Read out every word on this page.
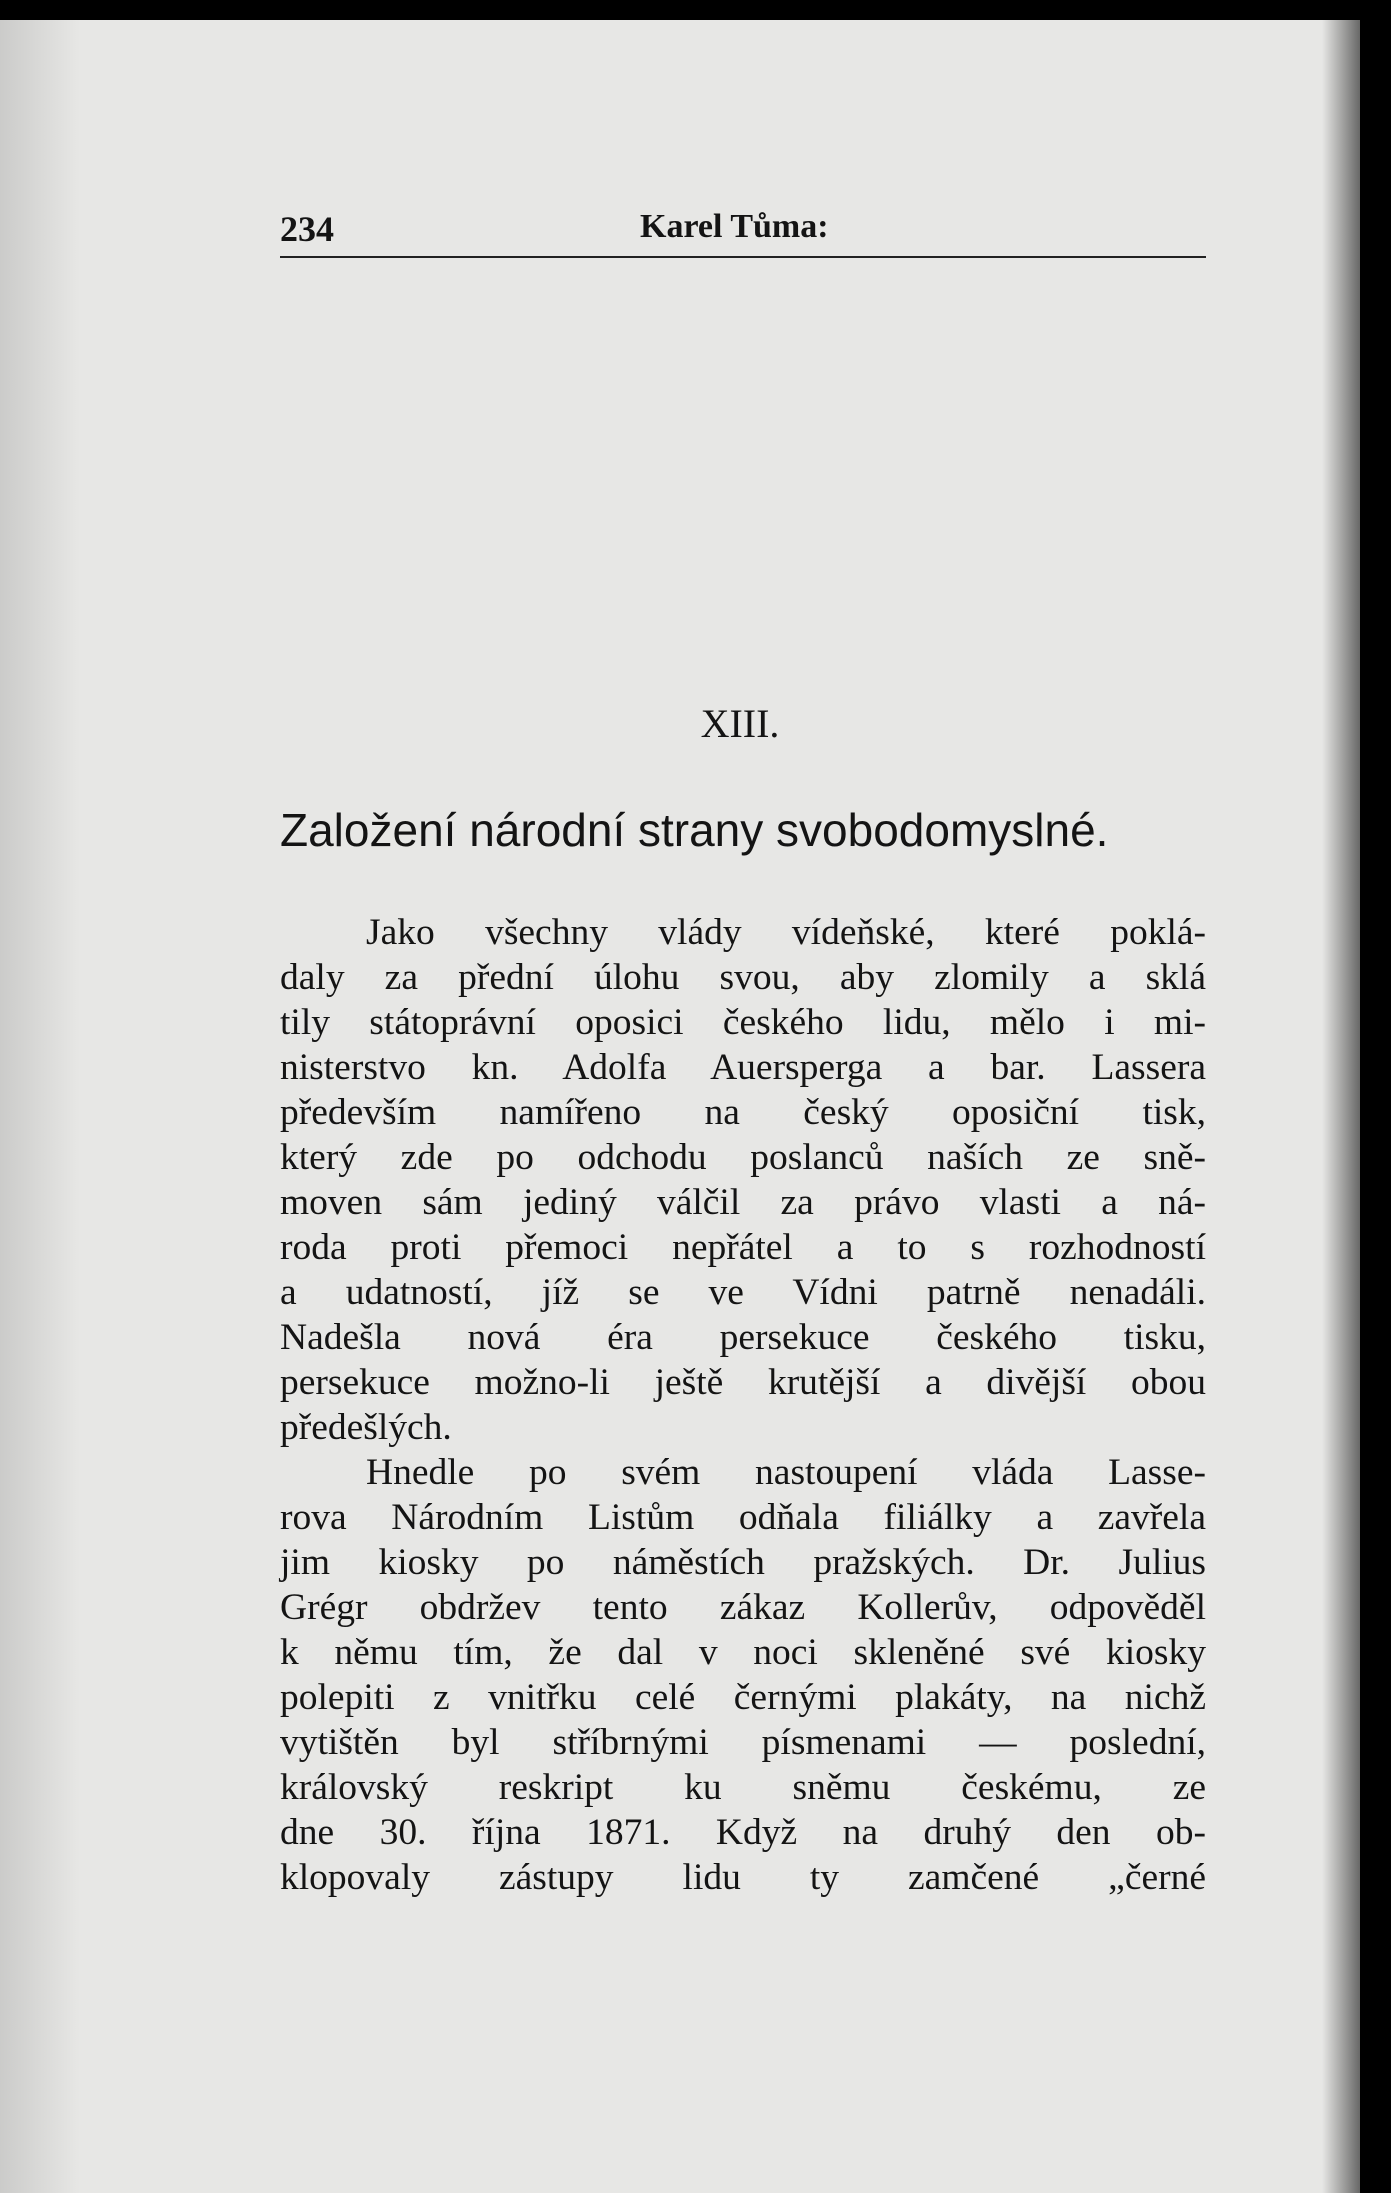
234	Karel Tůma:
XIII.
Založení národní strany svobodomyslné.
Jako všechny vlády vídeňské, které poklá-
daly za přední úlohu svou, aby zlomily a sklá
tily státoprávní oposici českého lidu, mělo i mi-
nisterstvo kn. Adolfa Auersperga a bar. Lassera
především namířeno na český oposiční tisk,
který zde po odchodu poslanců naších ze sně-
moven sám jediný válčil za právo vlasti a ná-
roda proti přemoci nepřátel a to s rozhodností
a udatností, jíž se ve Vídni patrně nenadáli.
Nadešla nová éra persekuce českého tisku,
persekuce možno-li ještě krutější a divější obou
předešlých.
Hnedle po svém nastoupení vláda Lasse-
rova Národním Listům odňala filiálky a zavřela
jim kiosky po náměstích pražských. Dr. Julius
Grégr obdržev tento zákaz Kollerův, odpověděl
k němu tím, že dal v noci skleněné své kiosky
polepiti z vnitřku celé černými plakáty, na nichž
vytištěn byl stříbrnými písmenami — poslední,
královský reskript ku sněmu českému, ze
dne 30. října 1871. Když na druhý den ob-
klopovaly zástupy lidu ty zamčené „černé
